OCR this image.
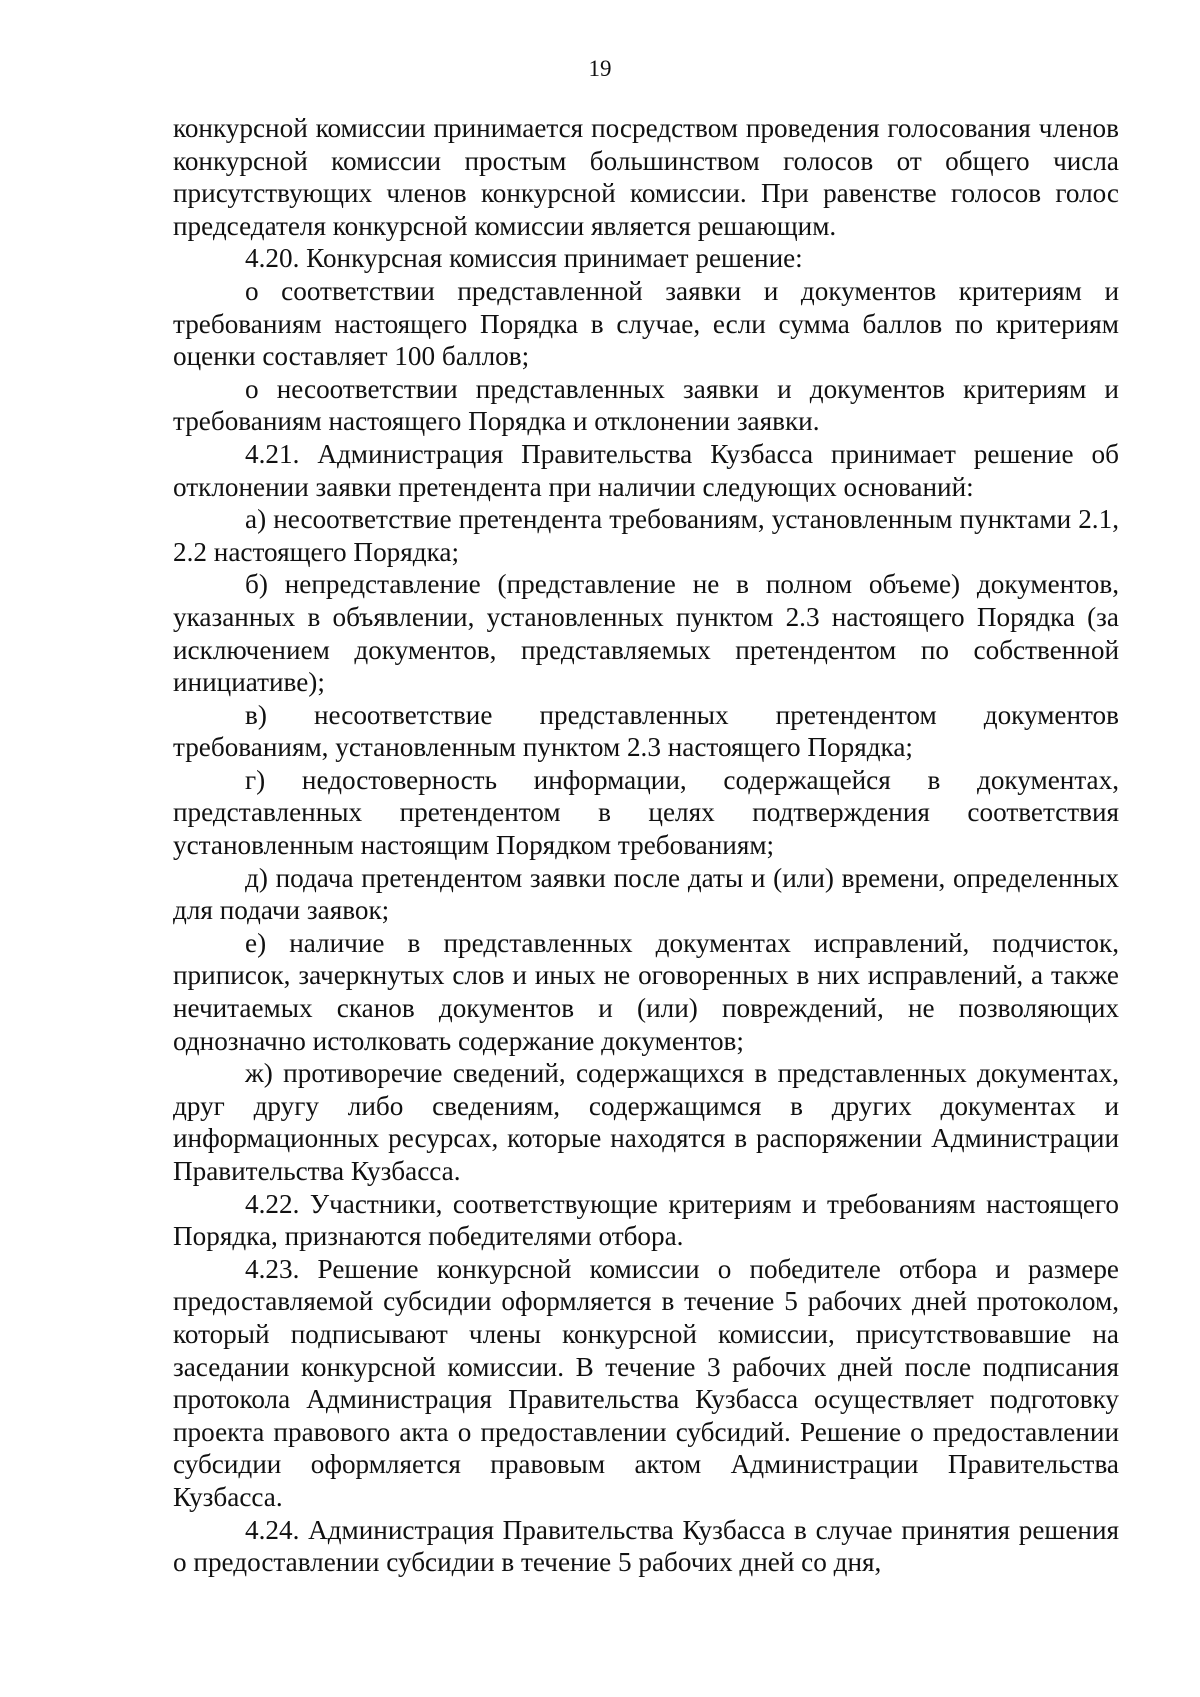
19

конкурсной комиссии принимается посредством проведения голосования членов конкурсной комиссии простым большинством голосов от общего числа присутствующих членов конкурсной комиссии. При равенстве голосов голос председателя конкурсной комиссии является решающим.

4.20. Конкурсная комиссия принимает решение:

о соответствии представленной заявки и документов критериям и требованиям настоящего Порядка в случае, если сумма баллов по критериям оценки составляет 100 баллов;

о несоответствии представленных заявки и документов критериям и требованиям настоящего Порядка и отклонении заявки.

4.21. Администрация Правительства Кузбасса принимает решение об отклонении заявки претендента при наличии следующих оснований:

а) несоответствие претендента требованиям, установленным пунктами 2.1, 2.2 настоящего Порядка;

б) непредставление (представление не в полном объеме) документов, указанных в объявлении, установленных пунктом 2.3 настоящего Порядка (за исключением документов, представляемых претендентом по собственной инициативе);

в) несоответствие представленных претендентом документов требованиям, установленным пунктом 2.3 настоящего Порядка;

г) недостоверность информации, содержащейся в документах, представленных претендентом в целях подтверждения соответствия установленным настоящим Порядком требованиям;

д) подача претендентом заявки после даты и (или) времени, определенных для подачи заявок;

е) наличие в представленных документах исправлений, подчисток, приписок, зачеркнутых слов и иных не оговоренных в них исправлений, а также нечитаемых сканов документов и (или) повреждений, не позволяющих однозначно истолковать содержание документов;

ж) противоречие сведений, содержащихся в представленных документах, друг другу либо сведениям, содержащимся в других документах и информационных ресурсах, которые находятся в распоряжении Администрации Правительства Кузбасса.

4.22. Участники, соответствующие критериям и требованиям настоящего Порядка, признаются победителями отбора.

4.23. Решение конкурсной комиссии о победителе отбора и размере предоставляемой субсидии оформляется в течение 5 рабочих дней протоколом, который подписывают члены конкурсной комиссии, присутствовавшие на заседании конкурсной комиссии. В течение 3 рабочих дней после подписания протокола Администрация Правительства Кузбасса осуществляет подготовку проекта правового акта о предоставлении субсидий. Решение о предоставлении субсидии оформляется правовым актом Администрации Правительства Кузбасса.

4.24. Администрация Правительства Кузбасса в случае принятия решения о предоставлении субсидии в течение 5 рабочих дней со дня,
